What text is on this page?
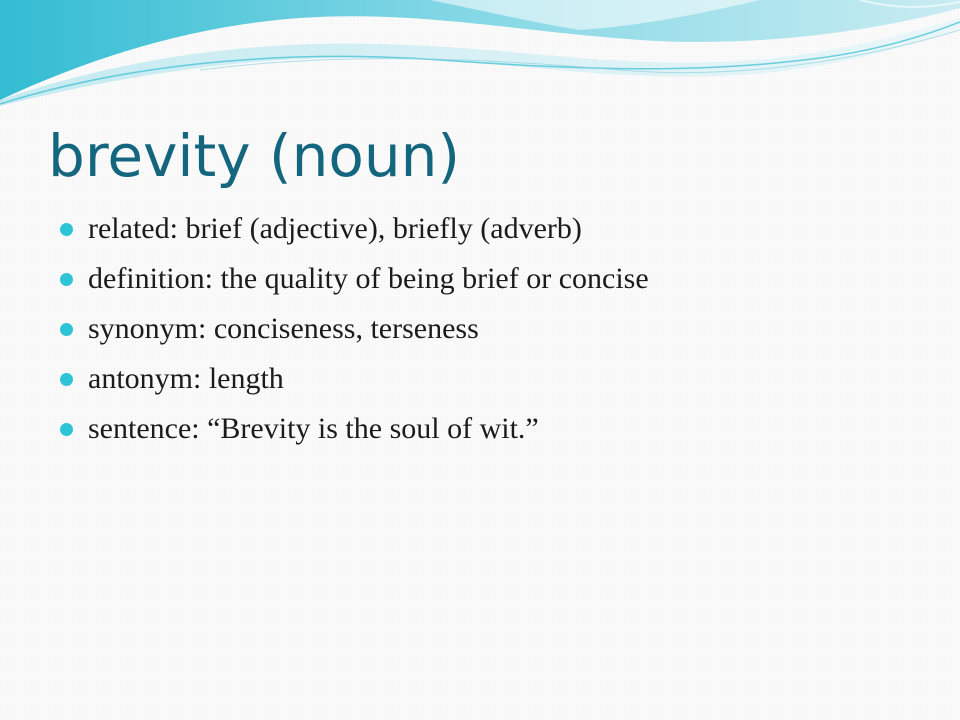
brevity (noun)
related: brief (adjective), briefly (adverb)
definition: the quality of being brief or concise
synonym: conciseness, terseness
antonym: length
sentence: “Brevity is the soul of wit.”
